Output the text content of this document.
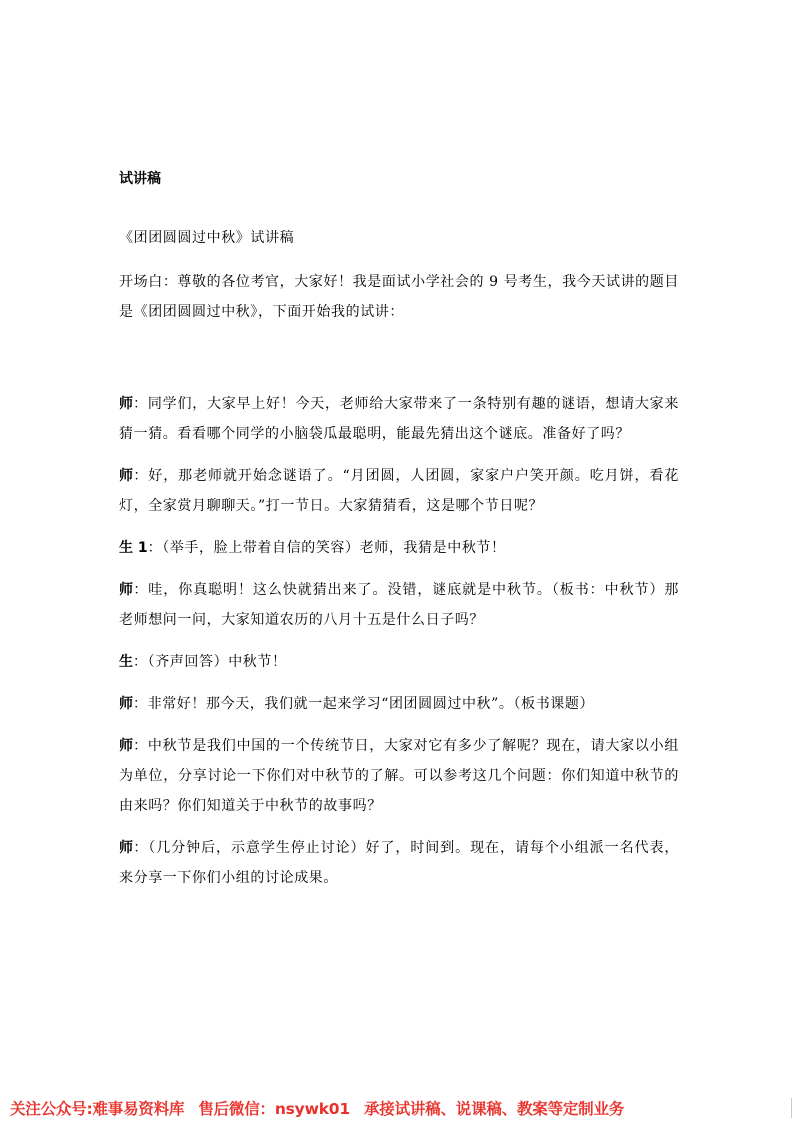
试讲稿

《团团圆圆过中秋》试讲稿

开场白：尊敬的各位考官，大家好！我是面试小学社会的 9 号考生，我今天试讲的题目是《团团圆圆过中秋》，下面开始我的试讲：

师：同学们，大家早上好！今天，老师给大家带来了一条特别有趣的谜语，想请大家来猜一猜。看看哪个同学的小脑袋瓜最聪明，能最先猜出这个谜底。准备好了吗？

师：好，那老师就开始念谜语了。“月团圆，人团圆，家家户户笑开颜。吃月饼，看花灯，全家赏月聊聊天。”打一节日。大家猜猜看，这是哪个节日呢？

生 1：（举手，脸上带着自信的笑容）老师，我猜是中秋节！

师：哇，你真聪明！这么快就猜出来了。没错，谜底就是中秋节。（板书：中秋节）那老师想问一问，大家知道农历的八月十五是什么日子吗？

生：（齐声回答）中秋节！

师：非常好！那今天，我们就一起来学习“团团圆圆过中秋”。（板书课题）

师：中秋节是我们中国的一个传统节日，大家对它有多少了解呢？现在，请大家以小组为单位，分享讨论一下你们对中秋节的了解。可以参考这几个问题：你们知道中秋节的由来吗？你们知道关于中秋节的故事吗？

师：（几分钟后，示意学生停止讨论）好了，时间到。现在，请每个小组派一名代表，来分享一下你们小组的讨论成果。

关注公众号:难事易资料库 售后微信：nsywk01 承接试讲稿、说课稿、教案等定制业务
